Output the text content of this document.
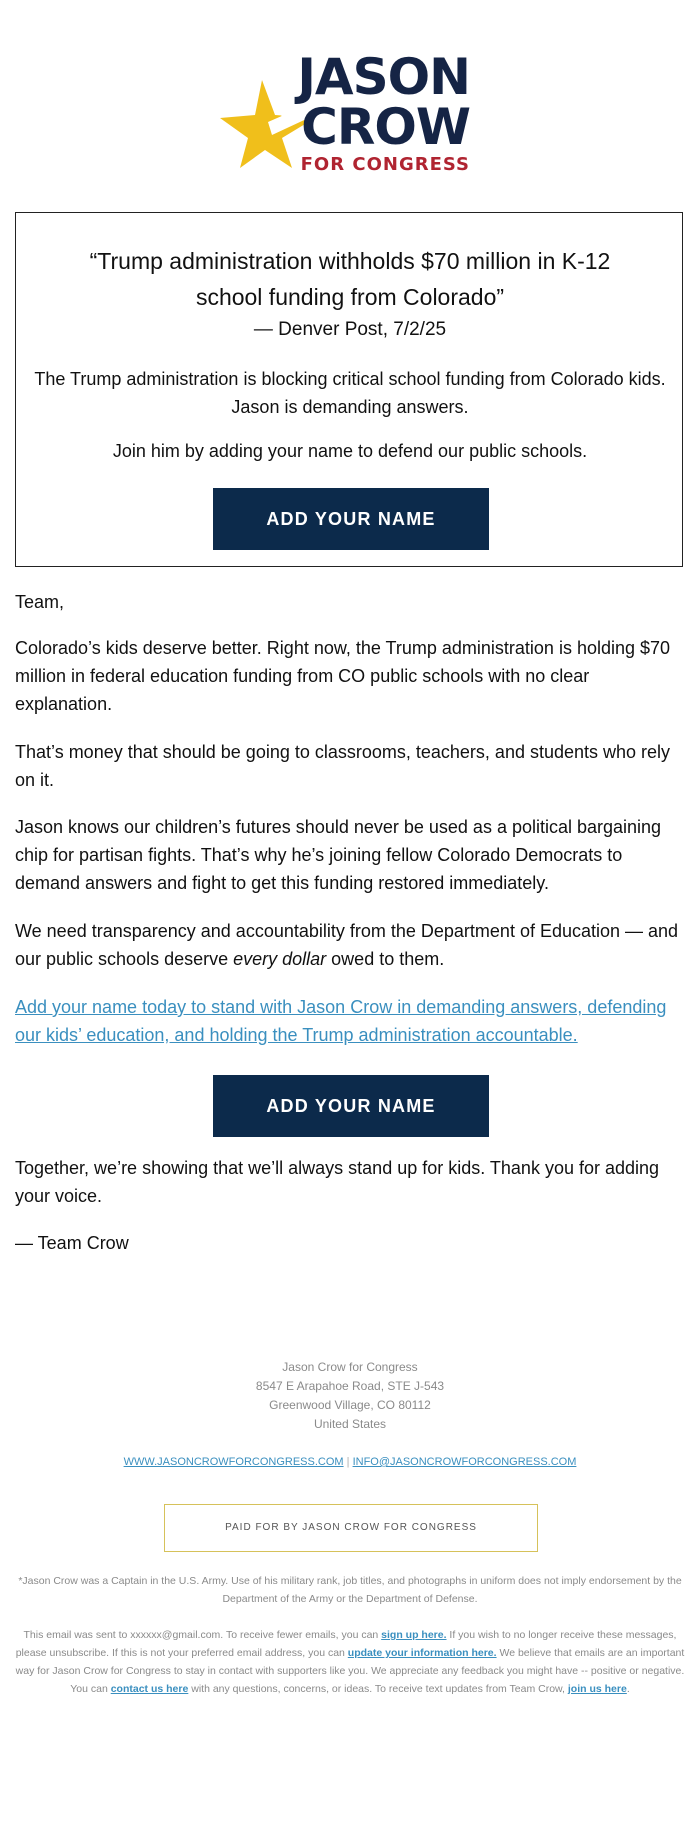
JASON
CROW
FOR CONGRESS
“Trump administration withholds $70 million in K-12 school funding from Colorado”
— Denver Post, 7/2/25
The Trump administration is blocking critical school funding from Colorado kids. Jason is demanding answers.
Join him by adding your name to defend our public schools.
ADD YOUR NAME
Team,
Colorado’s kids deserve better. Right now, the Trump administration is holding $70 million in federal education funding from CO public schools with no clear explanation.
That’s money that should be going to classrooms, teachers, and students who rely on it.
Jason knows our children’s futures should never be used as a political bargaining chip for partisan fights. That’s why he’s joining fellow Colorado Democrats to demand answers and fight to get this funding restored immediately.
We need transparency and accountability from the Department of Education — and our public schools deserve every dollar owed to them.
Add your name today to stand with Jason Crow in demanding answers, defending our kids’ education, and holding the Trump administration accountable.
ADD YOUR NAME
Together, we’re showing that we’ll always stand up for kids. Thank you for adding your voice.
— Team Crow
Jason Crow for Congress
8547 E Arapahoe Road, STE J-543
Greenwood Village, CO 80112
United States
WWW.JASONCROWFORCONGRESS.COM | INFO@JASONCROWFORCONGRESS.COM
PAID FOR BY JASON CROW FOR CONGRESS
*Jason Crow was a Captain in the U.S. Army. Use of his military rank, job titles, and photographs in uniform does not imply endorsement by the Department of the Army or the Department of Defense.
This email was sent to xxxxxx@gmail.com. To receive fewer emails, you can sign up here. If you wish to no longer receive these messages, please unsubscribe. If this is not your preferred email address, you can update your information here. We believe that emails are an important way for Jason Crow for Congress to stay in contact with supporters like you. We appreciate any feedback you might have -- positive or negative. You can contact us here with any questions, concerns, or ideas. To receive text updates from Team Crow, join us here.
